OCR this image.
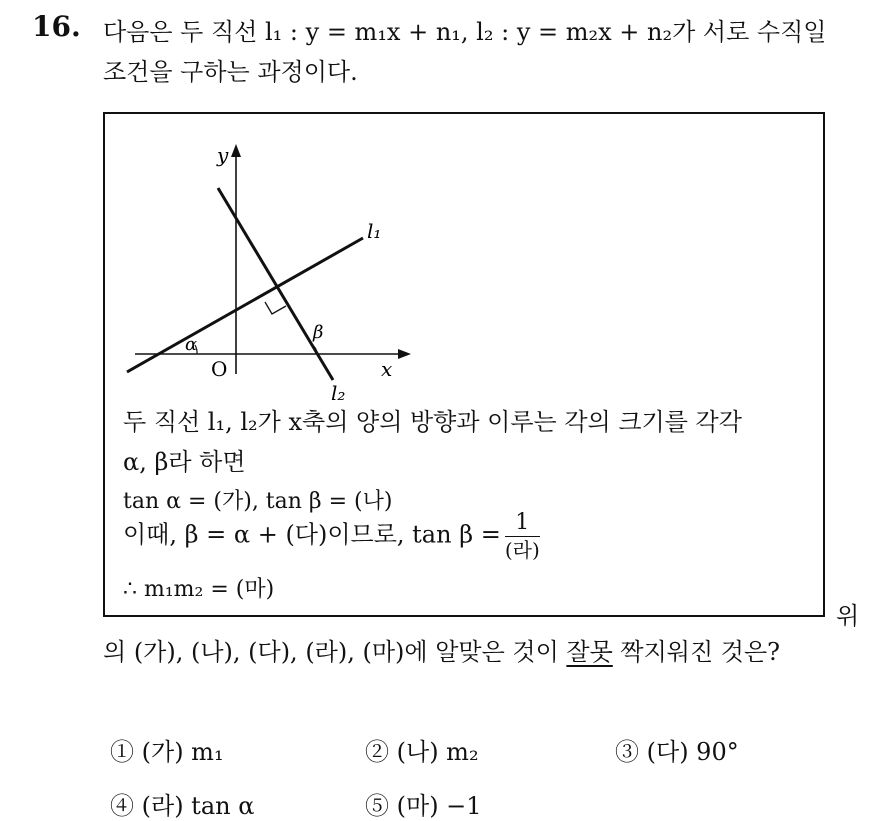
16. 다음은 두 직선 l₁ : y = m₁x + n₁, l₂ : y = m₂x + n₂가 서로 수직일
조건을 구하는 과정이다.
y
x
O
l₁
l₂
α
β
두 직선 l₁, l₂가 x축의 양의 방향과 이루는 각의 크기를 각각
α, β라 하면
tan α = (가), tan β = (나)
이때, β = α + (다)이므로, $\tan \beta = \frac{1}{\text{(라)}}$
∴ m₁m₂ = (마)
위
의 (가), (나), (다), (라), (마)에 알맞은 것이 잘못 짝지워진 것은?
① (가) m₁	② (나) m₂	③ (다) 90°
④ (라) tan α	⑤ (마) −1
